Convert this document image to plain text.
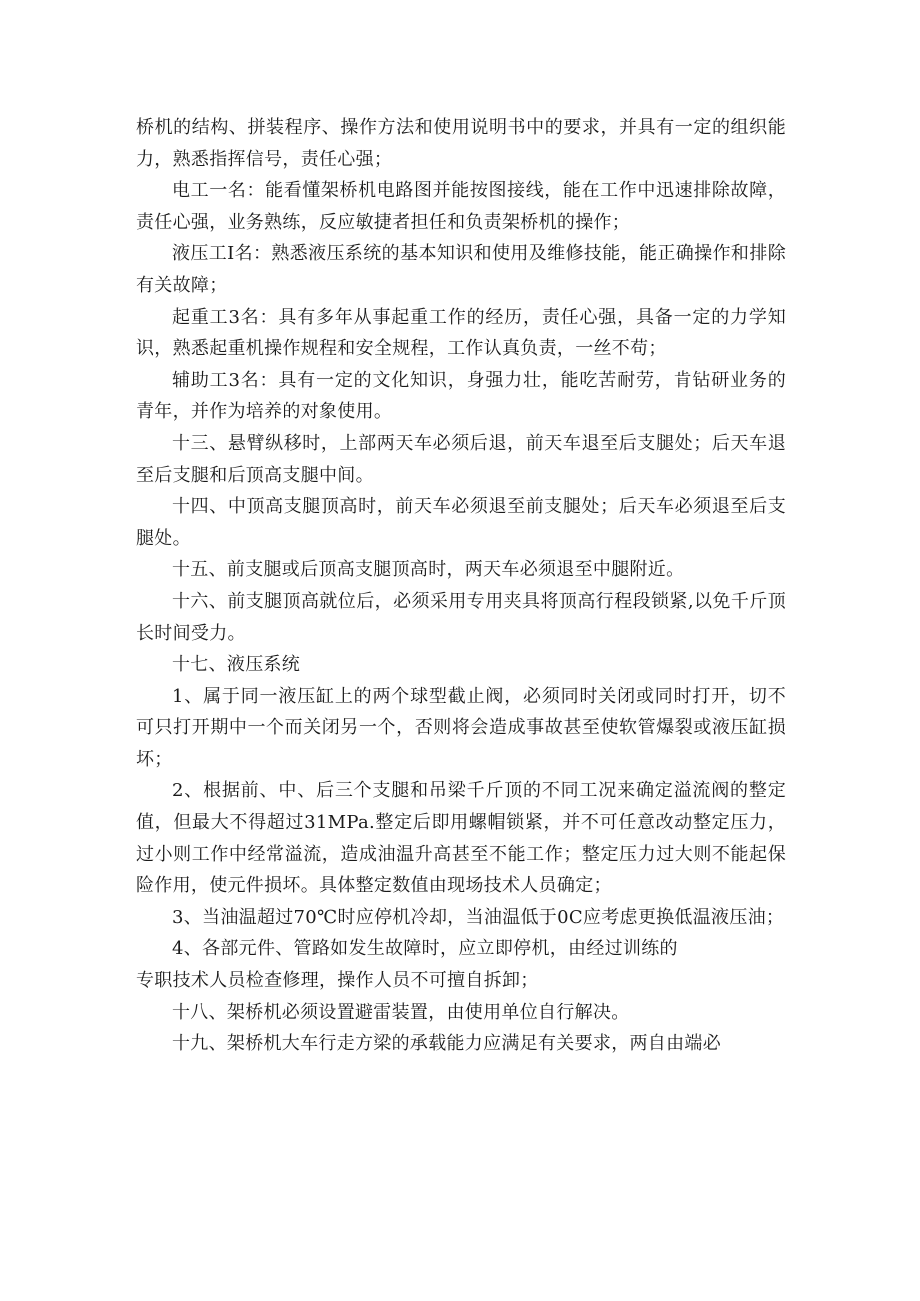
桥机的结构、拼装程序、操作方法和使用说明书中的要求，并具有一定的组织能力，熟悉指挥信号，责任心强；

电工一名：能看懂架桥机电路图并能按图接线，能在工作中迅速排除故障，责任心强，业务熟练，反应敏捷者担任和负责架桥机的操作；

液压工Ⅰ名：熟悉液压系统的基本知识和使用及维修技能，能正确操作和排除有关故障；

起重工3名：具有多年从事起重工作的经历，责任心强，具备一定的力学知识，熟悉起重机操作规程和安全规程，工作认真负责，一丝不苟；

辅助工3名：具有一定的文化知识，身强力壮，能吃苦耐劳，肯钻研业务的青年，并作为培养的对象使用。

十三、悬臂纵移时，上部两天车必须后退，前天车退至后支腿处；后天车退至后支腿和后顶高支腿中间。

十四、中顶高支腿顶高时，前天车必须退至前支腿处；后天车必须退至后支腿处。

十五、前支腿或后顶高支腿顶高时，两天车必须退至中腿附近。

十六、前支腿顶高就位后，必须采用专用夹具将顶高行程段锁紧,以免千斤顶长时间受力。

十七、液压系统

1、属于同一液压缸上的两个球型截止阀，必须同时关闭或同时打开，切不可只打开期中一个而关闭另一个，否则将会造成事故甚至使软管爆裂或液压缸损坏；

2、根据前、中、后三个支腿和吊梁千斤顶的不同工况来确定溢流阀的整定值，但最大不得超过31MPa.整定后即用螺帽锁紧，并不可任意改动整定压力，过小则工作中经常溢流，造成油温升高甚至不能工作；整定压力过大则不能起保险作用，使元件损坏。具体整定数值由现场技术人员确定；

3、当油温超过70℃时应停机冷却，当油温低于0C应考虑更换低温液压油；

4、各部元件、管路如发生故障时，应立即停机，由经过训练的

专职技术人员检查修理，操作人员不可擅自拆卸；

十八、架桥机必须设置避雷装置，由使用单位自行解决。

十九、架桥机大车行走方梁的承载能力应满足有关要求，两自由端必
